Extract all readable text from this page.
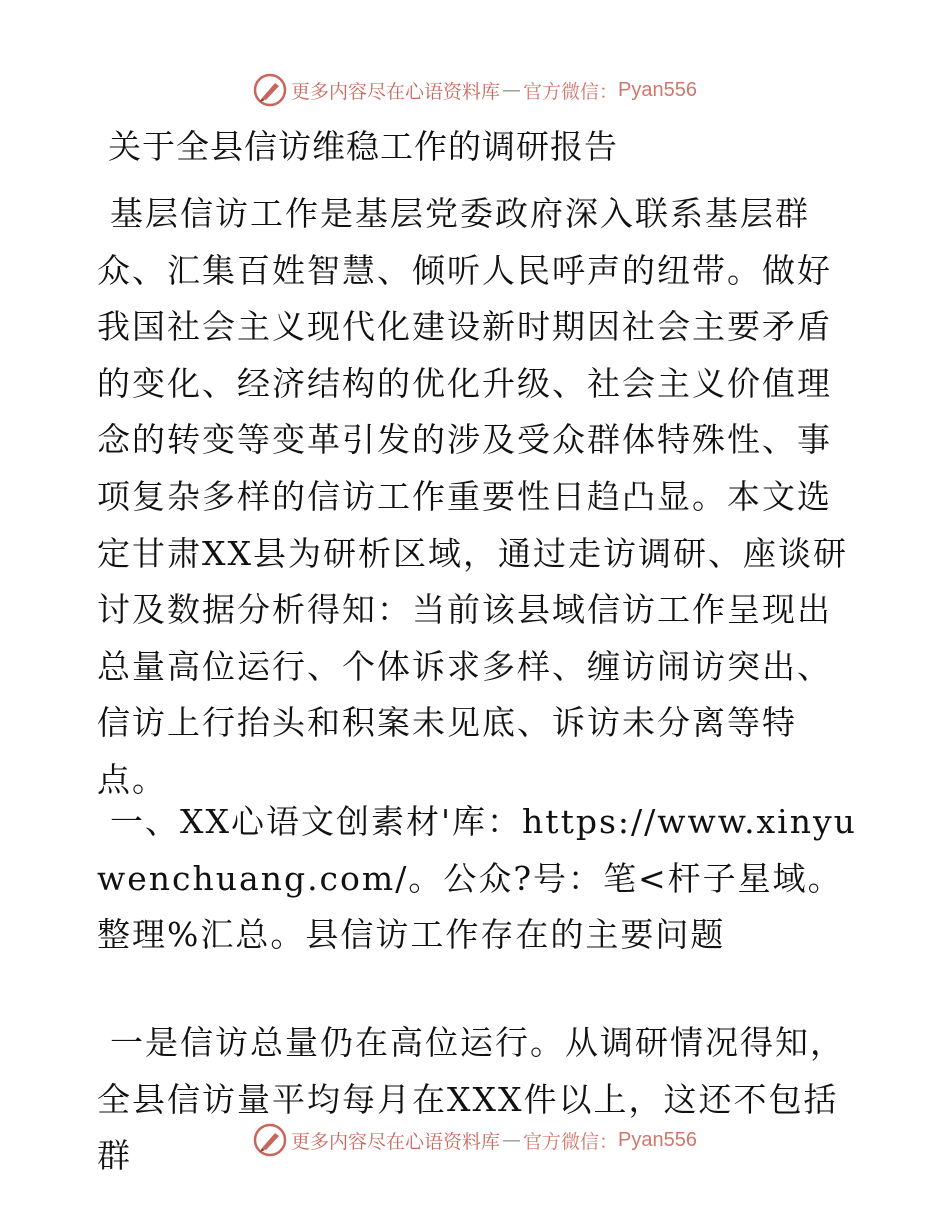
更多内容尽在心语资料库 — 官方微信： Pyan556
关于全县信访维稳工作的调研报告

基层信访工作是基层党委政府深入联系基层群众、汇集百姓智慧、倾听人民呼声的纽带。做好我国社会主义现代化建设新时期因社会主要矛盾的变化、经济结构的优化升级、社会主义价值理念的转变等变革引发的涉及受众群体特殊性、事项复杂多样的信访工作重要性日趋凸显。本文选定甘肃XX县为研析区域，通过走访调研、座谈研讨及数据分析得知：当前该县域信访工作呈现出总量高位运行、个体诉求多样、缠访闹访突出、信访上行抬头和积案未见底、诉访未分离等特点。

一、XX心语文创素材'库：https://www.xinyuwenchuang.com/。公众?号：笔<杆子星域。整理%汇总。县信访工作存在的主要问题

一是信访总量仍在高位运行。从调研情况得知，全县信访量平均每月在XXX件以上，这还不包括群	更多内容尽在心语资料库 — 官方微信： Pyan556
